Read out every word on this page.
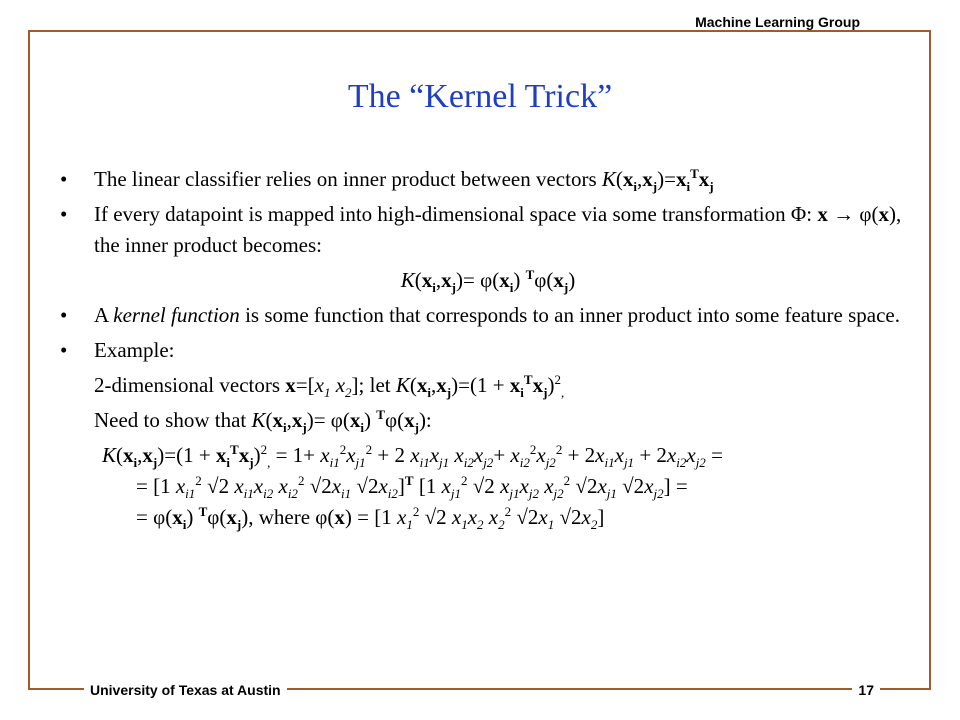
Machine Learning Group
The “Kernel Trick”
• The linear classifier relies on inner product between vectors $K(x_i,x_j)=x_i^Tx_j$
• If every datapoint is mapped into high-dimensional space via some transformation Φ: x → φ(x), the inner product becomes:
$K(x_i,x_j)= \varphi(x_i)$ $^T\varphi(x_j)$
• A kernel function is some function that corresponds to an inner product into some feature space.
• Example:
2-dimensional vectors $x=[x_1$ $x_2$]; let $K(x_i,x_j)=(1 + x_i^Tx_j)^2_,$
Need to show that $K(x_i,x_j)= \varphi(x_i)$ $^T\varphi(x_j)$:
$K(x_i,x_j)=(1 + x_i^Tx_j)^2_, = 1+ x_{i1}^2x_{j1}^2 + 2$ $x_{i1}x_{j1}$ $x_{i2}x_{j2}+ x_{i2}^2x_{j2}^2 + 2x_{i1}x_{j1} + 2x_{i2}x_{j2}$ =
= [1 $x_{i1}^2$ √2 $x_{i1}x_{i2}$ $x_{i2}^2$ $√2x_{i1}$ $√2x_{i2}]^T$ [1 $x_{j1}^2$ √2 $x_{j1}x_{j2}$ $x_{j2}^2$ $√2x_{j1}$ $√2x_{j2}$] =
= $\varphi(x_i)$ $^T\varphi(x_j)$, where φ(x) = [1 $x_1^2$ √2 $x_1x_2$ $x_2^2$ $√2x_1$ $√2x_2$]
University of Texas at Austin	17
